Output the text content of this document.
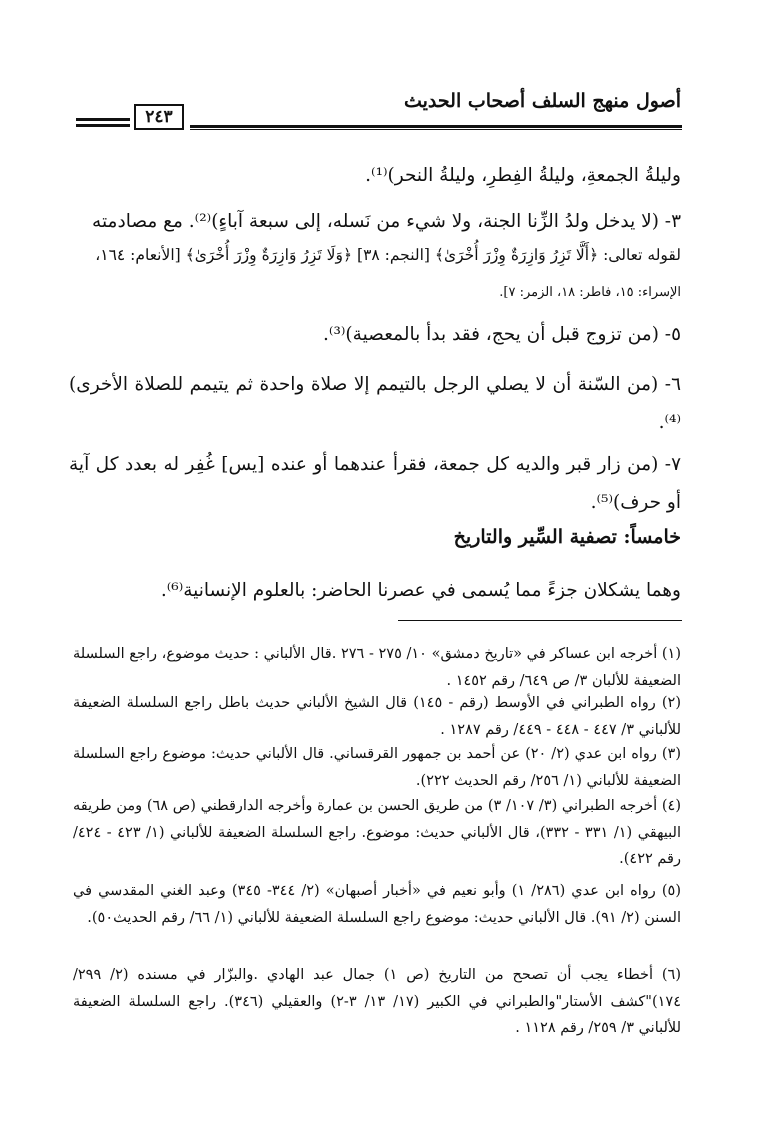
أصول منهج السلف أصحاب الحديث
٢٤٣
وليلةُ الجمعةِ، وليلةُ الفِطرِ، وليلةُ النحر)⁽¹⁾.
٣- (لا يدخل ولدُ الزِّنا الجنة، ولا شيء من نَسله، إلى سبعة آباءٍ)⁽²⁾. مع مصادمته
لقوله تعالى: ﴿أَلَّا تَزِرُ وَازِرَةٌ وِزْرَ أُخْرَىٰ﴾ [النجم: ٣٨] ﴿وَلَا تَزِرُ وَازِرَةٌ وِزْرَ أُخْرَىٰ﴾ [الأنعام: ١٦٤،
الإسراء: ١٥، فاطر: ١٨، الزمر: ٧].
٥- (من تزوج قبل أن يحج، فقد بدأ بالمعصية)⁽³⁾.
٦- (من السّنة أن لا يصلي الرجل بالتيمم إلا صلاة واحدة ثم يتيمم للصلاة الأخرى)⁽⁴⁾.
٧- (من زار قبر والديه كل جمعة، فقرأ عندهما أو عنده [يس] غُفِر له بعدد كل آية أو حرف)⁽⁵⁾.
خامساً: تصفية السِّير والتاريخ
وهما يشكلان جزءً مما يُسمى في عصرنا الحاضر: بالعلوم الإنسانية⁽⁶⁾.
(١) أخرجه ابن عساكر في «تاريخ دمشق» ١٠/ ٢٧٥ - ٢٧٦ .قال الألباني : حديث موضوع، راجع السلسلة الضعيفة للألبان ٣/ ص ٦٤٩/ رقم ١٤٥٢ .
(٢) رواه الطبراني في الأوسط (رقم - ١٤٥) قال الشيخ الألباني حديث باطل راجع السلسلة الضعيفة للألباني ٣/ ٤٤٧ - ٤٤٨ - ٤٤٩/ رقم ١٢٨٧ .
(٣) رواه ابن عدي (٢/ ٢٠) عن أحمد بن جمهور القرقساني. قال الألباني حديث: موضوع راجع السلسلة الضعيفة للألباني (١/ ٢٥٦/ رقم الحديث ٢٢٢).
(٤) أخرجه الطبراني (٣/ ١٠٧/ ٣) من طريق الحسن بن عمارة وأخرجه الدارقطني (ص ٦٨) ومن طريقه البيهقي (١/ ٣٣١ - ٣٣٢)، قال الألباني حديث: موضوع. راجع السلسلة الضعيفة للألباني (١/ ٤٢٣ - ٤٢٤/ رقم ٤٢٢).
(٥) رواه ابن عدي (٢٨٦/ ١) وأبو نعيم في «أخبار أصبهان» (٢/ ٣٤٤- ٣٤٥) وعبد الغني المقدسي في السنن (٢/ ٩١). قال الألباني حديث: موضوع راجع السلسلة الضعيفة للألباني (١/ ٦٦/ رقم الحديث٥٠).
(٦) أخطاء يجب أن تصحح من التاريخ (ص ١) جمال عبد الهادي .والبزّار في مسنده (٢/ ٢٩٩/ ١٧٤)"كشف الأستار"والطبراني في الكبير (١٧/ ١٣/ ٣-٢) والعقيلي (٣٤٦). راجع السلسلة الضعيفة للألباني ٣/ ٢٥٩/ رقم ١١٢٨ .
